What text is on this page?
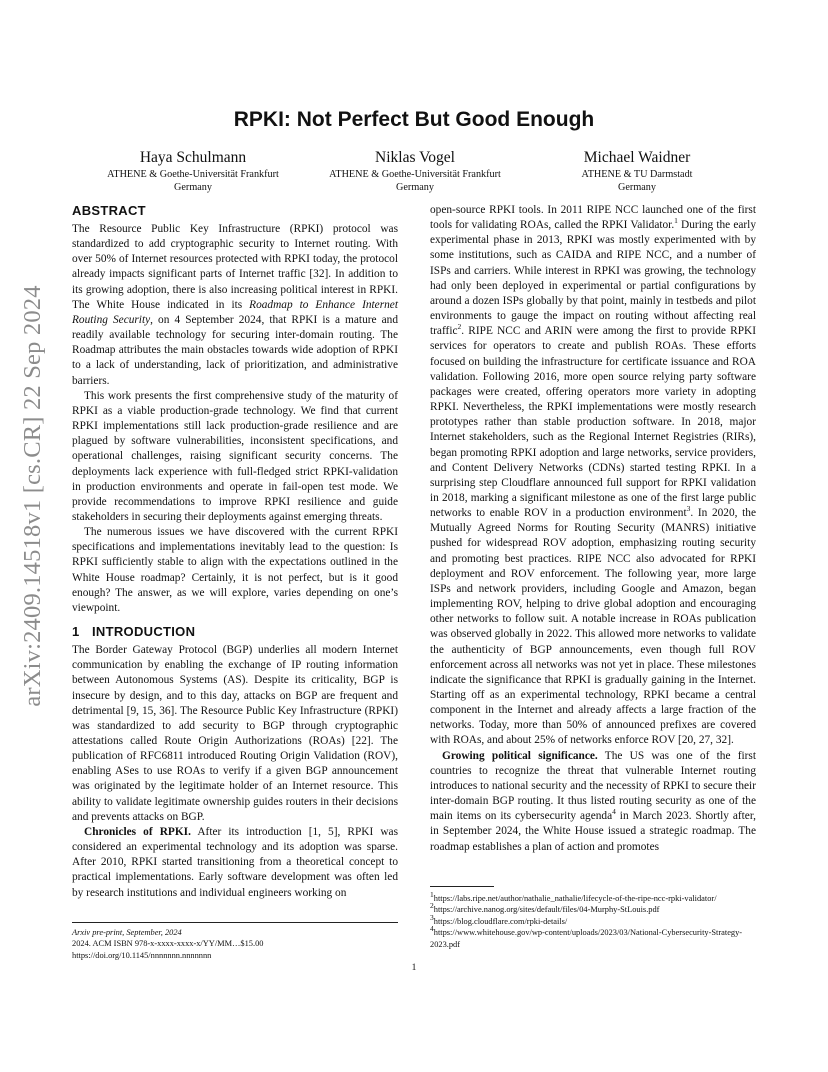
arXiv:2409.14518v1 [cs.CR] 22 Sep 2024
RPKI: Not Perfect But Good Enough
Haya Schulmann
ATHENE & Goethe-Universität Frankfurt
Germany
Niklas Vogel
ATHENE & Goethe-Universität Frankfurt
Germany
Michael Waidner
ATHENE & TU Darmstadt
Germany
ABSTRACT

The Resource Public Key Infrastructure (RPKI) protocol was standardized to add cryptographic security to Internet routing. With over 50% of Internet resources protected with RPKI today, the protocol already impacts significant parts of Internet traffic [32]. In addition to its growing adoption, there is also increasing political interest in RPKI. The White House indicated in its Roadmap to Enhance Internet Routing Security, on 4 September 2024, that RPKI is a mature and readily available technology for securing inter-domain routing. The Roadmap attributes the main obstacles towards wide adoption of RPKI to a lack of understanding, lack of prioritization, and administrative barriers.

This work presents the first comprehensive study of the maturity of RPKI as a viable production-grade technology. We find that current RPKI implementations still lack production-grade resilience and are plagued by software vulnerabilities, inconsistent specifications, and operational challenges, raising significant security concerns. The deployments lack experience with full-fledged strict RPKI-validation in production environments and operate in fail-open test mode. We provide recommendations to improve RPKI resilience and guide stakeholders in securing their deployments against emerging threats.

The numerous issues we have discovered with the current RPKI specifications and implementations inevitably lead to the question: Is RPKI sufficiently stable to align with the expectations outlined in the White House roadmap? Certainly, it is not perfect, but is it good enough? The answer, as we will explore, varies depending on one’s viewpoint.

1 INTRODUCTION

The Border Gateway Protocol (BGP) underlies all modern Internet communication by enabling the exchange of IP routing information between Autonomous Systems (AS). Despite its criticality, BGP is insecure by design, and to this day, attacks on BGP are frequent and detrimental [9, 15, 36]. The Resource Public Key Infrastructure (RPKI) was standardized to add security to BGP through cryptographic attestations called Route Origin Authorizations (ROAs) [22]. The publication of RFC6811 introduced Routing Origin Validation (ROV), enabling ASes to use ROAs to verify if a given BGP announcement was originated by the legitimate holder of an Internet resource. This ability to validate legitimate ownership guides routers in their decisions and prevents attacks on BGP.

Chronicles of RPKI. After its introduction [1, 5], RPKI was considered an experimental technology and its adoption was sparse. After 2010, RPKI started transitioning from a theoretical concept to practical implementations. Early software development was often led by research institutions and individual engineers working on

open-source RPKI tools. In 2011 RIPE NCC launched one of the first tools for validating ROAs, called the RPKI Validator.$^1$ During the early experimental phase in 2013, RPKI was mostly experimented with by some institutions, such as CAIDA and RIPE NCC, and a number of ISPs and carriers. While interest in RPKI was growing, the technology had only been deployed in experimental or partial configurations by around a dozen ISPs globally by that point, mainly in testbeds and pilot environments to gauge the impact on routing without affecting real traffic$^2$. RIPE NCC and ARIN were among the first to provide RPKI services for operators to create and publish ROAs. These efforts focused on building the infrastructure for certificate issuance and ROA validation. Following 2016, more open source relying party software packages were created, offering operators more variety in adopting RPKI. Nevertheless, the RPKI implementations were mostly research prototypes rather than stable production software. In 2018, major Internet stakeholders, such as the Regional Internet Registries (RIRs), began promoting RPKI adoption and large networks, service providers, and Content Delivery Networks (CDNs) started testing RPKI. In a surprising step Cloudflare announced full support for RPKI validation in 2018, marking a significant milestone as one of the first large public networks to enable ROV in a production environment$^3$. In 2020, the Mutually Agreed Norms for Routing Security (MANRS) initiative pushed for widespread ROV adoption, emphasizing routing security and promoting best practices. RIPE NCC also advocated for RPKI deployment and ROV enforcement. The following year, more large ISPs and network providers, including Google and Amazon, began implementing ROV, helping to drive global adoption and encouraging other networks to follow suit. A notable increase in ROAs publication was observed globally in 2022. This allowed more networks to validate the authenticity of BGP announcements, even though full ROV enforcement across all networks was not yet in place. These milestones indicate the significance that RPKI is gradually gaining in the Internet. Starting off as an experimental technology, RPKI became a central component in the Internet and already affects a large fraction of the networks. Today, more than 50% of announced prefixes are covered with ROAs, and about 25% of networks enforce ROV [20, 27, 32].

Growing political significance. The US was one of the first countries to recognize the threat that vulnerable Internet routing introduces to national security and the necessity of RPKI to secure their inter-domain BGP routing. It thus listed routing security as one of the main items on its cybersecurity agenda$^4$ in March 2023. Shortly after, in September 2024, the White House issued a strategic roadmap. The roadmap establishes a plan of action and promotes

$^1$https://labs.ripe.net/author/nathalie_nathalie/lifecycle-of-the-ripe-ncc-rpki-validator/
$^2$https://archive.nanog.org/sites/default/files/04-Murphy-StLouis.pdf
$^3$https://blog.cloudflare.com/rpki-details/
$^4$https://www.whitehouse.gov/wp-content/uploads/2023/03/National-Cybersecurity-Strategy-2023.pdf
Arxiv pre-print, September, 2024
2024. ACM ISBN 978-x-xxxx-xxxx-x/YY/MM…$15.00
https://doi.org/10.1145/nnnnnnn.nnnnnnn
1
